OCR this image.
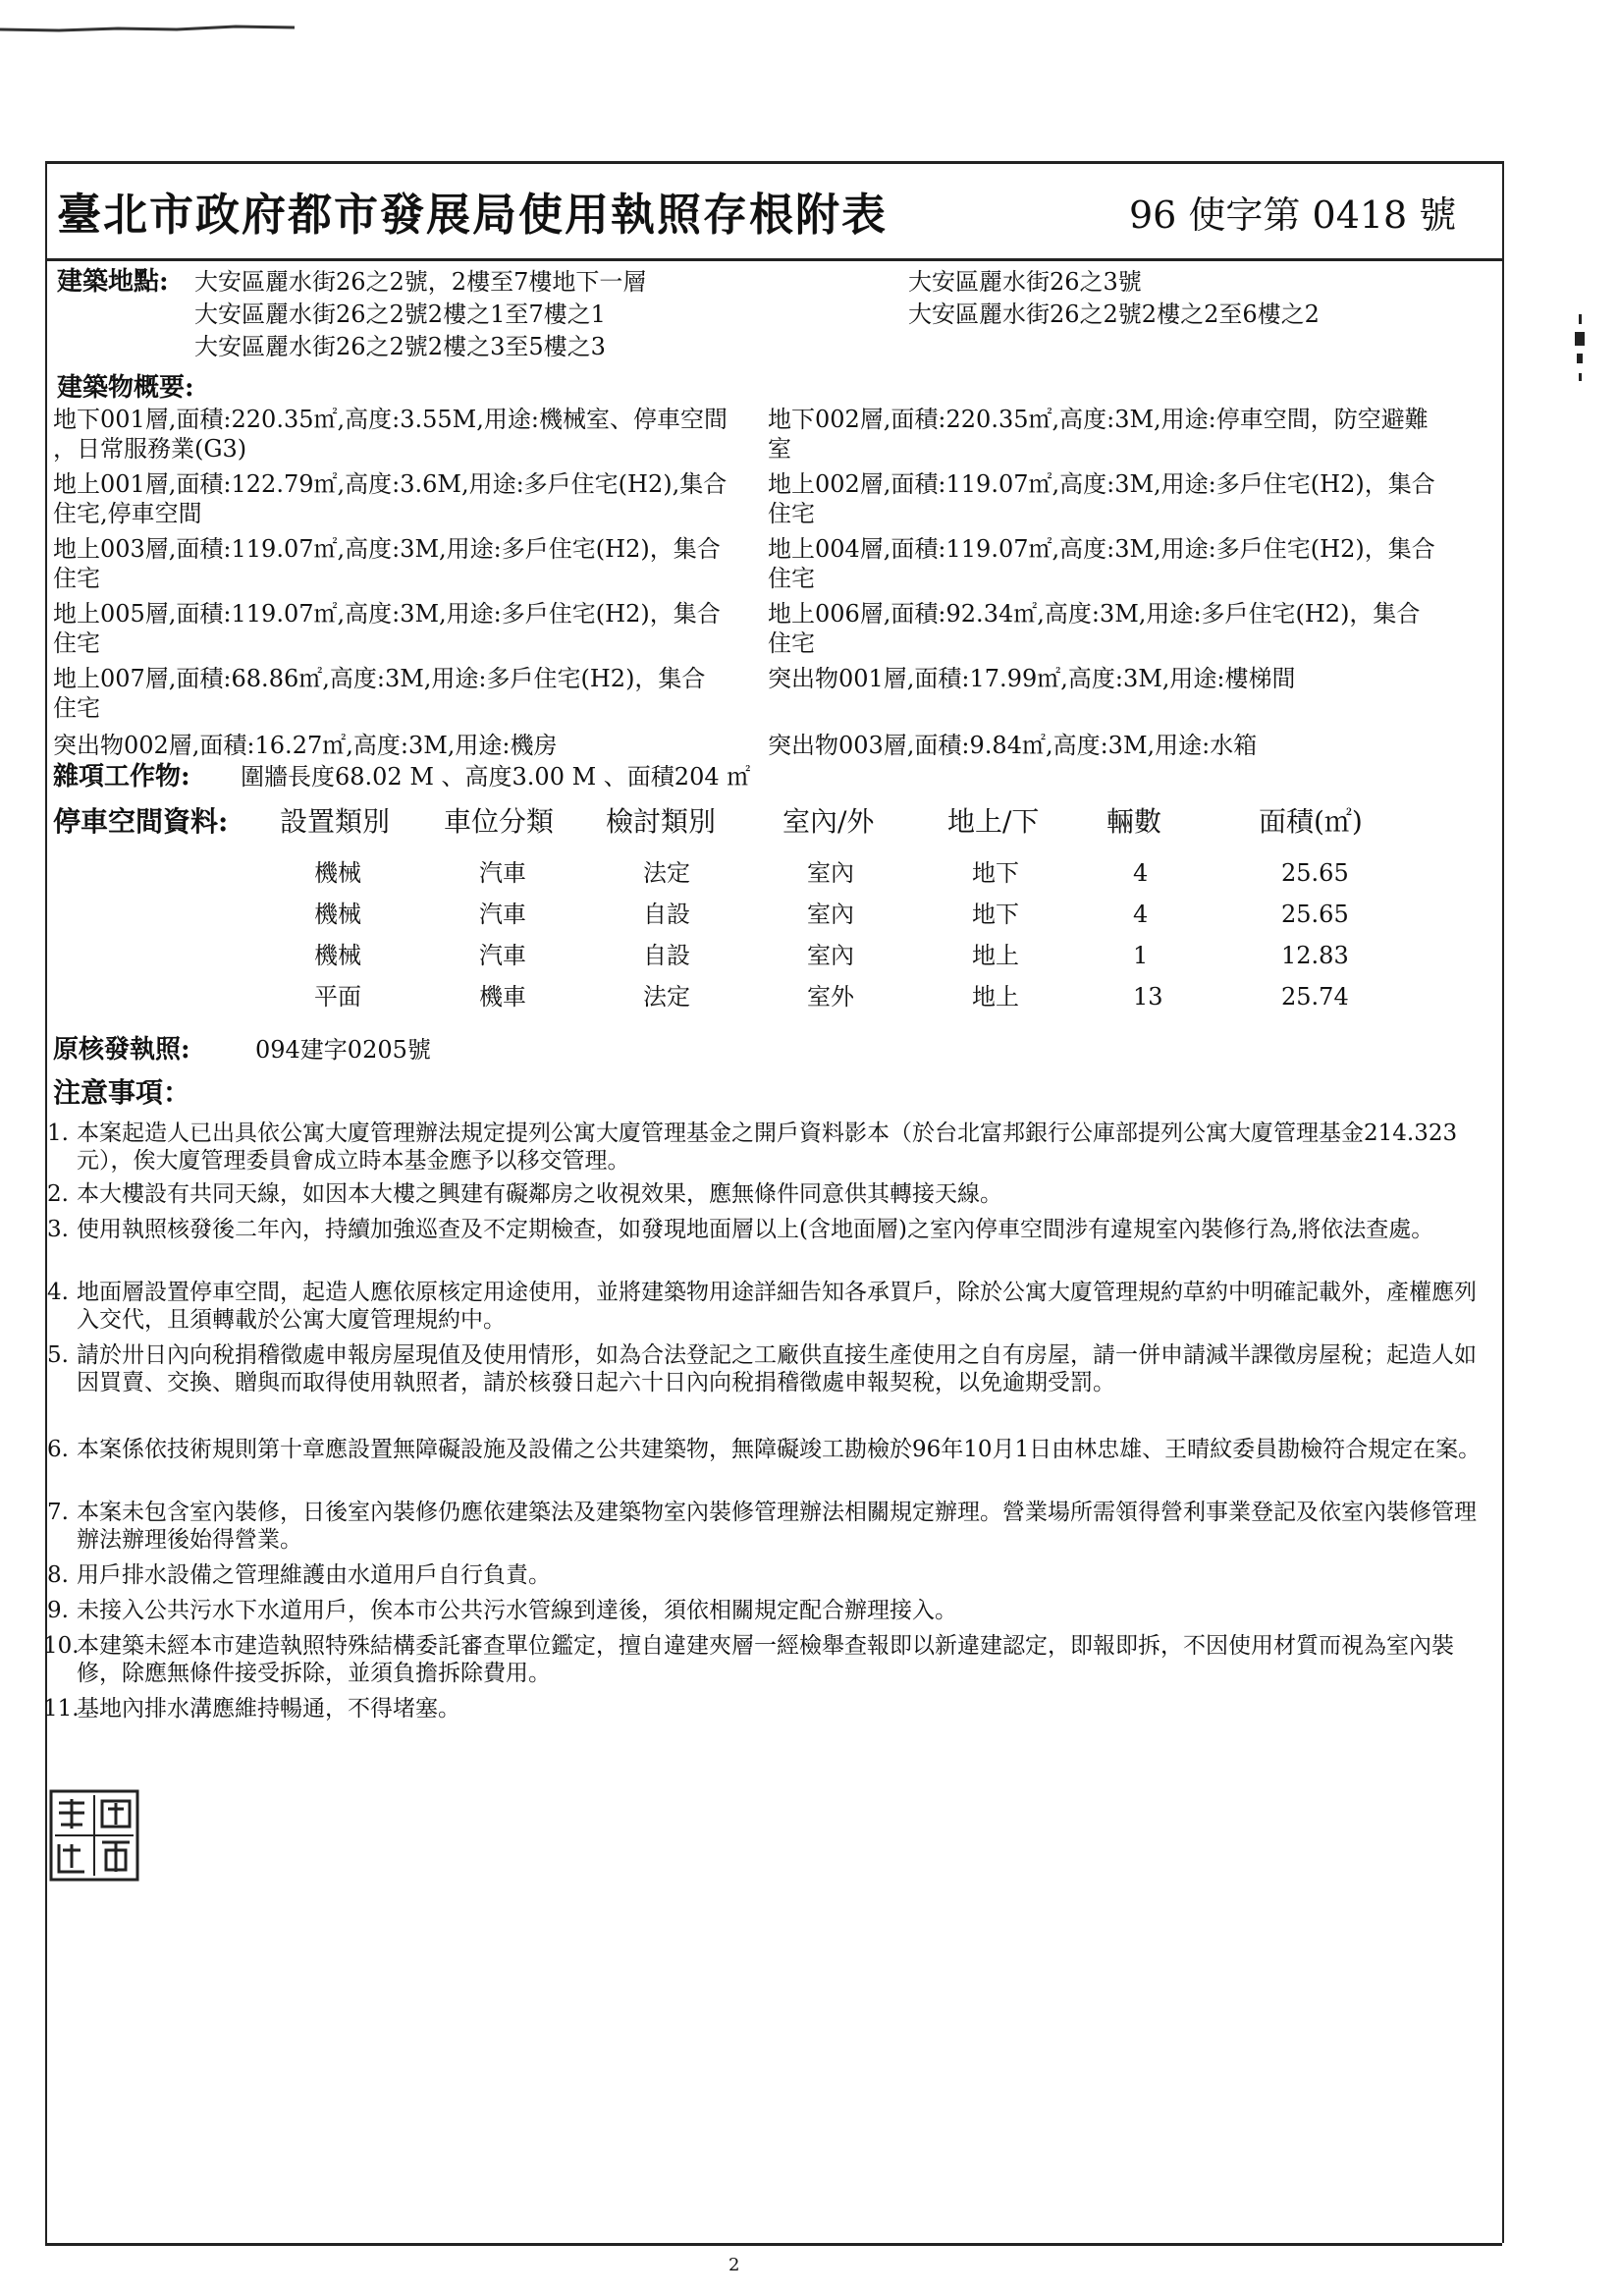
臺北市政府都市發展局使用執照存根附表	96 使字第 0418 號
建築地點: 大安區麗水街26之2號，2樓至7樓地下一層
大安區麗水街26之2號2樓之1至7樓之1
大安區麗水街26之2號2樓之3至5樓之3
大安區麗水街26之3號
大安區麗水街26之2號2樓之2至6樓之2
建築物概要:
地下001層,面積:220.35㎡,高度:3.55M,用途:機械室、停車空間
，日常服務業(G3)
地下002層,面積:220.35㎡,高度:3M,用途:停車空間，防空避難
室
地上001層,面積:122.79㎡,高度:3.6M,用途:多戶住宅(H2),集合
住宅,停車空間
地上002層,面積:119.07㎡,高度:3M,用途:多戶住宅(H2)，集合
住宅
地上003層,面積:119.07㎡,高度:3M,用途:多戶住宅(H2)，集合
住宅
地上004層,面積:119.07㎡,高度:3M,用途:多戶住宅(H2)，集合
住宅
地上005層,面積:119.07㎡,高度:3M,用途:多戶住宅(H2)，集合
住宅
地上006層,面積:92.34㎡,高度:3M,用途:多戶住宅(H2)，集合
住宅
地上007層,面積:68.86㎡,高度:3M,用途:多戶住宅(H2)，集合
住宅
突出物001層,面積:17.99㎡,高度:3M,用途:樓梯間
突出物002層,面積:16.27㎡,高度:3M,用途:機房	突出物003層,面積:9.84㎡,高度:3M,用途:水箱
雜項工作物: 圍牆長度68.02 M 、高度3.00 M 、面積204 ㎡
停車空間資料: 設置類別 車位分類 檢討類別 室內/外	地上/下 輛數	面積(㎡)
機械	汽車	法定	室內	地下	4	25.65
機械	汽車	自設	室內	地下	4	25.65
機械	汽車	自設	室內	地上	1	12.83
平面	機車	法定	室外	地上	13	25.74
原核發執照:	094建字0205號
注意事項：
1. 本案起造人已出具依公寓大廈管理辦法規定提列公寓大廈管理基金之開戶資料影本（於台北富邦銀行公庫部提列公寓大廈管理基金214.323　元），俟大廈管理委員會成立時本基金應予以移交管理。
2. 本大樓設有共同天線，如因本大樓之興建有礙鄰房之收視效果，應無條件同意供其轉接天線。
3. 使用執照核發後二年內，持續加強巡查及不定期檢查，如發現地面層以上(含地面層)之室內停車空間涉有違規室內裝修行為,將依法查處。
4. 地面層設置停車空間，起造人應依原核定用途使用，並將建築物用途詳細告知各承買戶，除於公寓大廈管理規約草約中明確記載外，產權應列入交代，且須轉載於公寓大廈管理規約中。
5. 請於卅日內向稅捐稽徵處申報房屋現值及使用情形，如為合法登記之工廠供直接生產使用之自有房屋，請一併申請減半課徵房屋稅；起造人如因買賣、交換、贈與而取得使用執照者，請於核發日起六十日內向稅捐稽徵處申報契稅，以免逾期受罰。
6. 本案係依技術規則第十章應設置無障礙設施及設備之公共建築物，無障礙竣工勘檢於96年10月1日由林忠雄、王晴紋委員勘檢符合規定在案。
7. 本案未包含室內裝修，日後室內裝修仍應依建築法及建築物室內裝修管理辦法相關規定辦理。營業場所需領得營利事業登記及依室內裝修管理辦法辦理後始得營業。
8. 用戶排水設備之管理維護由水道用戶自行負責。
9. 未接入公共污水下水道用戶，俟本市公共污水管線到達後，須依相關規定配合辦理接入。
10.
本建築未經本市建造執照特殊結構委託審查單位鑑定，擅自違建夾層一經檢舉查報即以新違建認定，即報即拆，不因使用材質而視為室內裝修，除應無條件接受拆除，並須負擔拆除費用。
11.
基地內排水溝應維持暢通，不得堵塞。
2
